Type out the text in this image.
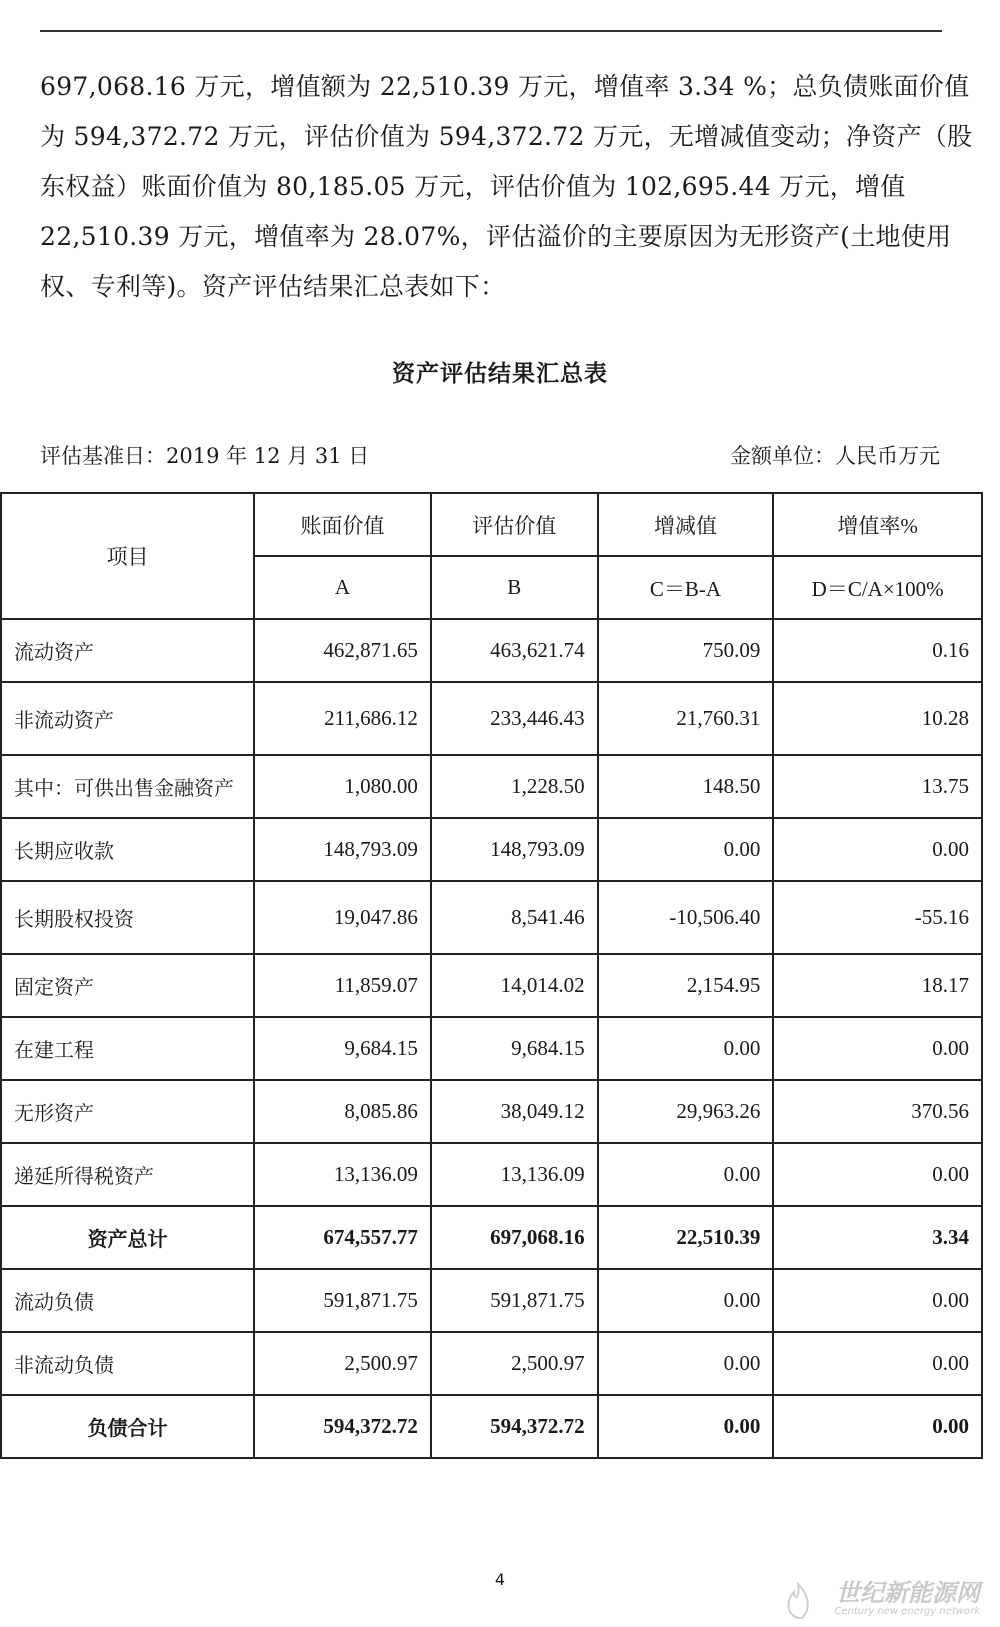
697,068.16 万元，增值额为 22,510.39 万元，增值率 3.34 %；总负债账面价值

为 594,372.72 万元，评估价值为 594,372.72 万元，无增减值变动；净资产（股

东权益）账面价值为 80,185.05 万元，评估价值为 102,695.44 万元，增值

22,510.39 万元，增值率为 28.07%，评估溢价的主要原因为无形资产(土地使用

权、专利等)。资产评估结果汇总表如下：

资产评估结果汇总表
评估基准日：2019 年 12 月 31 日	金额单位：人民币万元
项目	账面价值	评估价值	增减值	增值率%
	A	B	C＝B-A	D＝C/A×100%
流动资产	462,871.65	463,621.74	750.09	0.16
非流动资产	211,686.12	233,446.43	21,760.31	10.28
其中：可供出售金融资产	1,080.00	1,228.50	148.50	13.75
长期应收款	148,793.09	148,793.09	0.00	0.00
长期股权投资	19,047.86	8,541.46	-10,506.40	-55.16
固定资产	11,859.07	14,014.02	2,154.95	18.17
在建工程	9,684.15	9,684.15	0.00	0.00
无形资产	8,085.86	38,049.12	29,963.26	370.56
递延所得税资产	13,136.09	13,136.09	0.00	0.00
资产总计	674,557.77	697,068.16	22,510.39	3.34
流动负债	591,871.75	591,871.75	0.00	0.00
非流动负债	2,500.97	2,500.97	0.00	0.00
负债合计	594,372.72	594,372.72	0.00	0.00
4	世纪新能源网
Century new energy network
